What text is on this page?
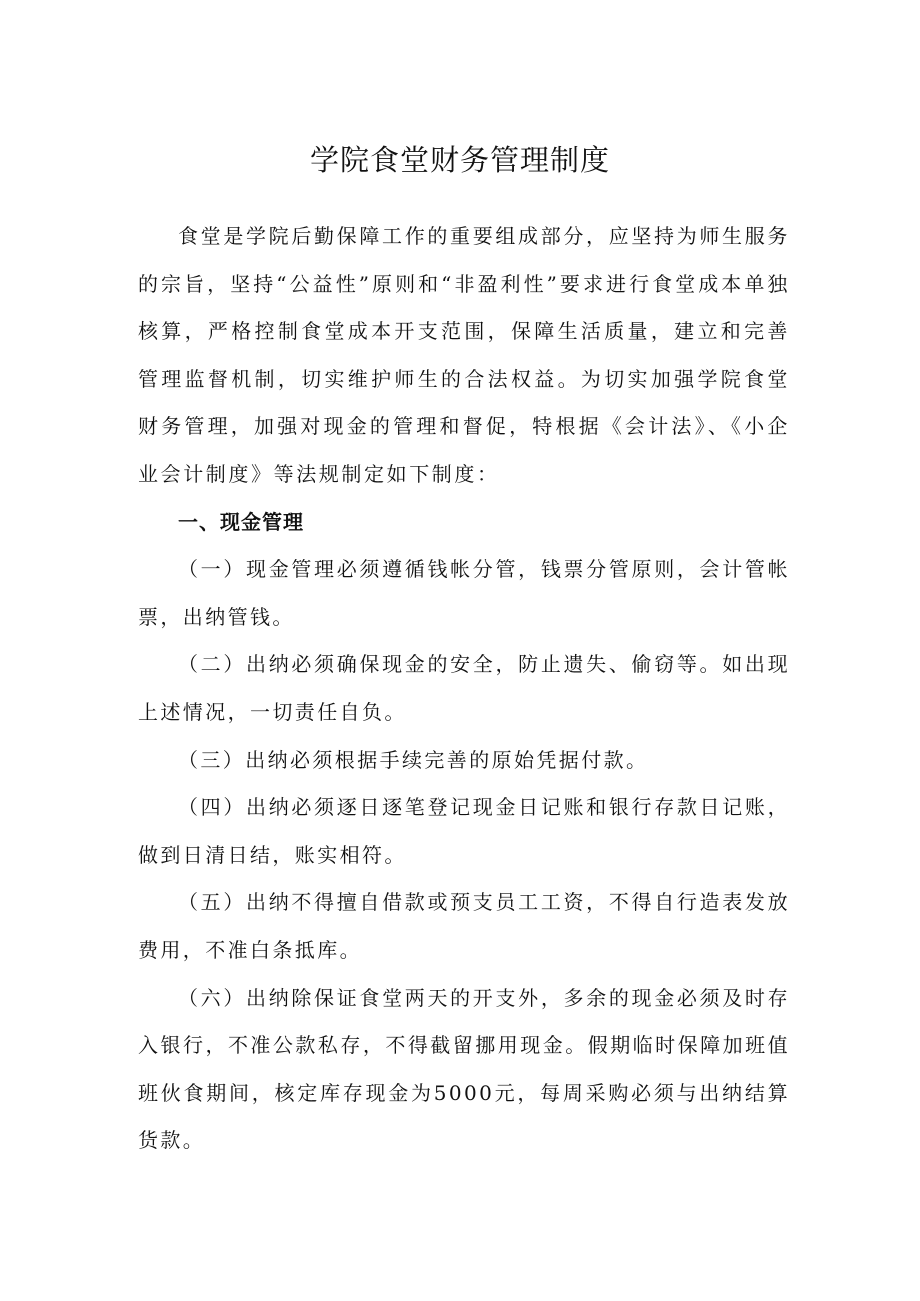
学院食堂财务管理制度

食堂是学院后勤保障工作的重要组成部分，应坚持为师生服务的宗旨，坚持“公益性”原则和“非盈利性”要求进行食堂成本单独核算，严格控制食堂成本开支范围，保障生活质量，建立和完善管理监督机制，切实维护师生的合法权益。为切实加强学院食堂财务管理，加强对现金的管理和督促，特根据《会计法》、《小企业会计制度》等法规制定如下制度：

一、现金管理

（一）现金管理必须遵循钱帐分管，钱票分管原则，会计管帐票，出纳管钱。

（二）出纳必须确保现金的安全，防止遗失、偷窃等。如出现上述情况，一切责任自负。

（三）出纳必须根据手续完善的原始凭据付款。

（四）出纳必须逐日逐笔登记现金日记账和银行存款日记账，做到日清日结，账实相符。

（五）出纳不得擅自借款或预支员工工资，不得自行造表发放费用，不准白条抵库。

（六）出纳除保证食堂两天的开支外，多余的现金必须及时存入银行，不准公款私存，不得截留挪用现金。假期临时保障加班值班伙食期间，核定库存现金为5000元，每周采购必须与出纳结算货款。
